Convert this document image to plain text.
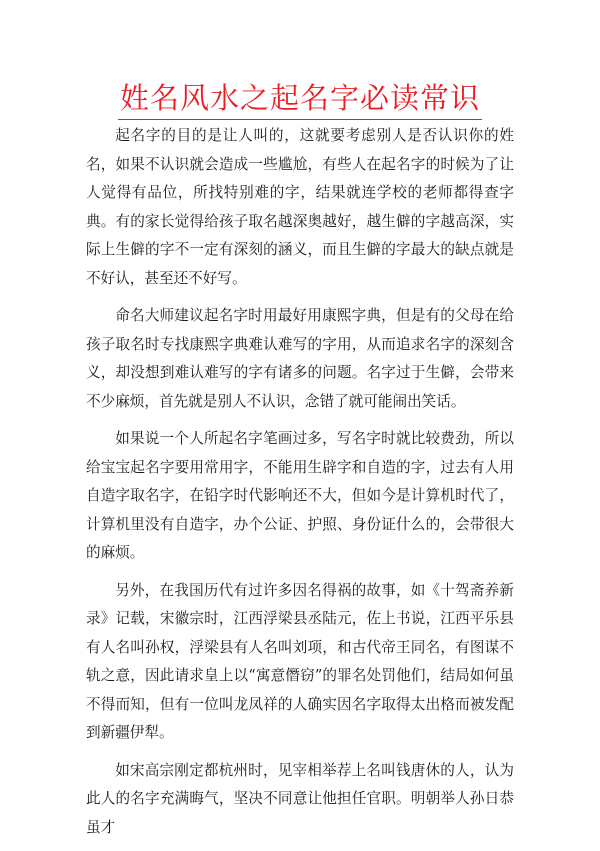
姓名风水之起名字必读常识

起名字的目的是让人叫的，这就要考虑别人是否认识你的姓名，如果不认识就会造成一些尴尬，有些人在起名字的时候为了让人觉得有品位，所找特别难的字，结果就连学校的老师都得查字典。有的家长觉得给孩子取名越深奥越好，越生僻的字越高深，实际上生僻的字不一定有深刻的涵义，而且生僻的字最大的缺点就是不好认，甚至还不好写。

命名大师建议起名字时用最好用康熙字典，但是有的父母在给孩子取名时专找康熙字典难认难写的字用，从而追求名字的深刻含义，却没想到难认难写的字有诸多的问题。名字过于生僻，会带来不少麻烦，首先就是别人不认识，念错了就可能闹出笑话。

如果说一个人所起名字笔画过多，写名字时就比较费劲，所以给宝宝起名字要用常用字，不能用生辟字和自造的字，过去有人用自造字取名字，在铅字时代影响还不大，但如今是计算机时代了，计算机里没有自造字，办个公证、护照、身份证什么的，会带很大的麻烦。

另外，在我国历代有过许多因名得祸的故事，如《十驾斋养新录》记载，宋徽宗时，江西浮梁县丞陆元，佐上书说，江西平乐县有人名叫孙权，浮梁县有人名叫刘项，和古代帝王同名，有图谋不轨之意，因此请求皇上以“寓意僭窃”的罪名处罚他们，结局如何虽不得而知，但有一位叫龙凤祥的人确实因名字取得太出格而被发配到新疆伊犁。

如宋高宗刚定都杭州时，见宰相举荐上名叫钱唐休的人，认为此人的名字充满晦气，坚决不同意让他担任官职。明朝举人孙日恭虽才
